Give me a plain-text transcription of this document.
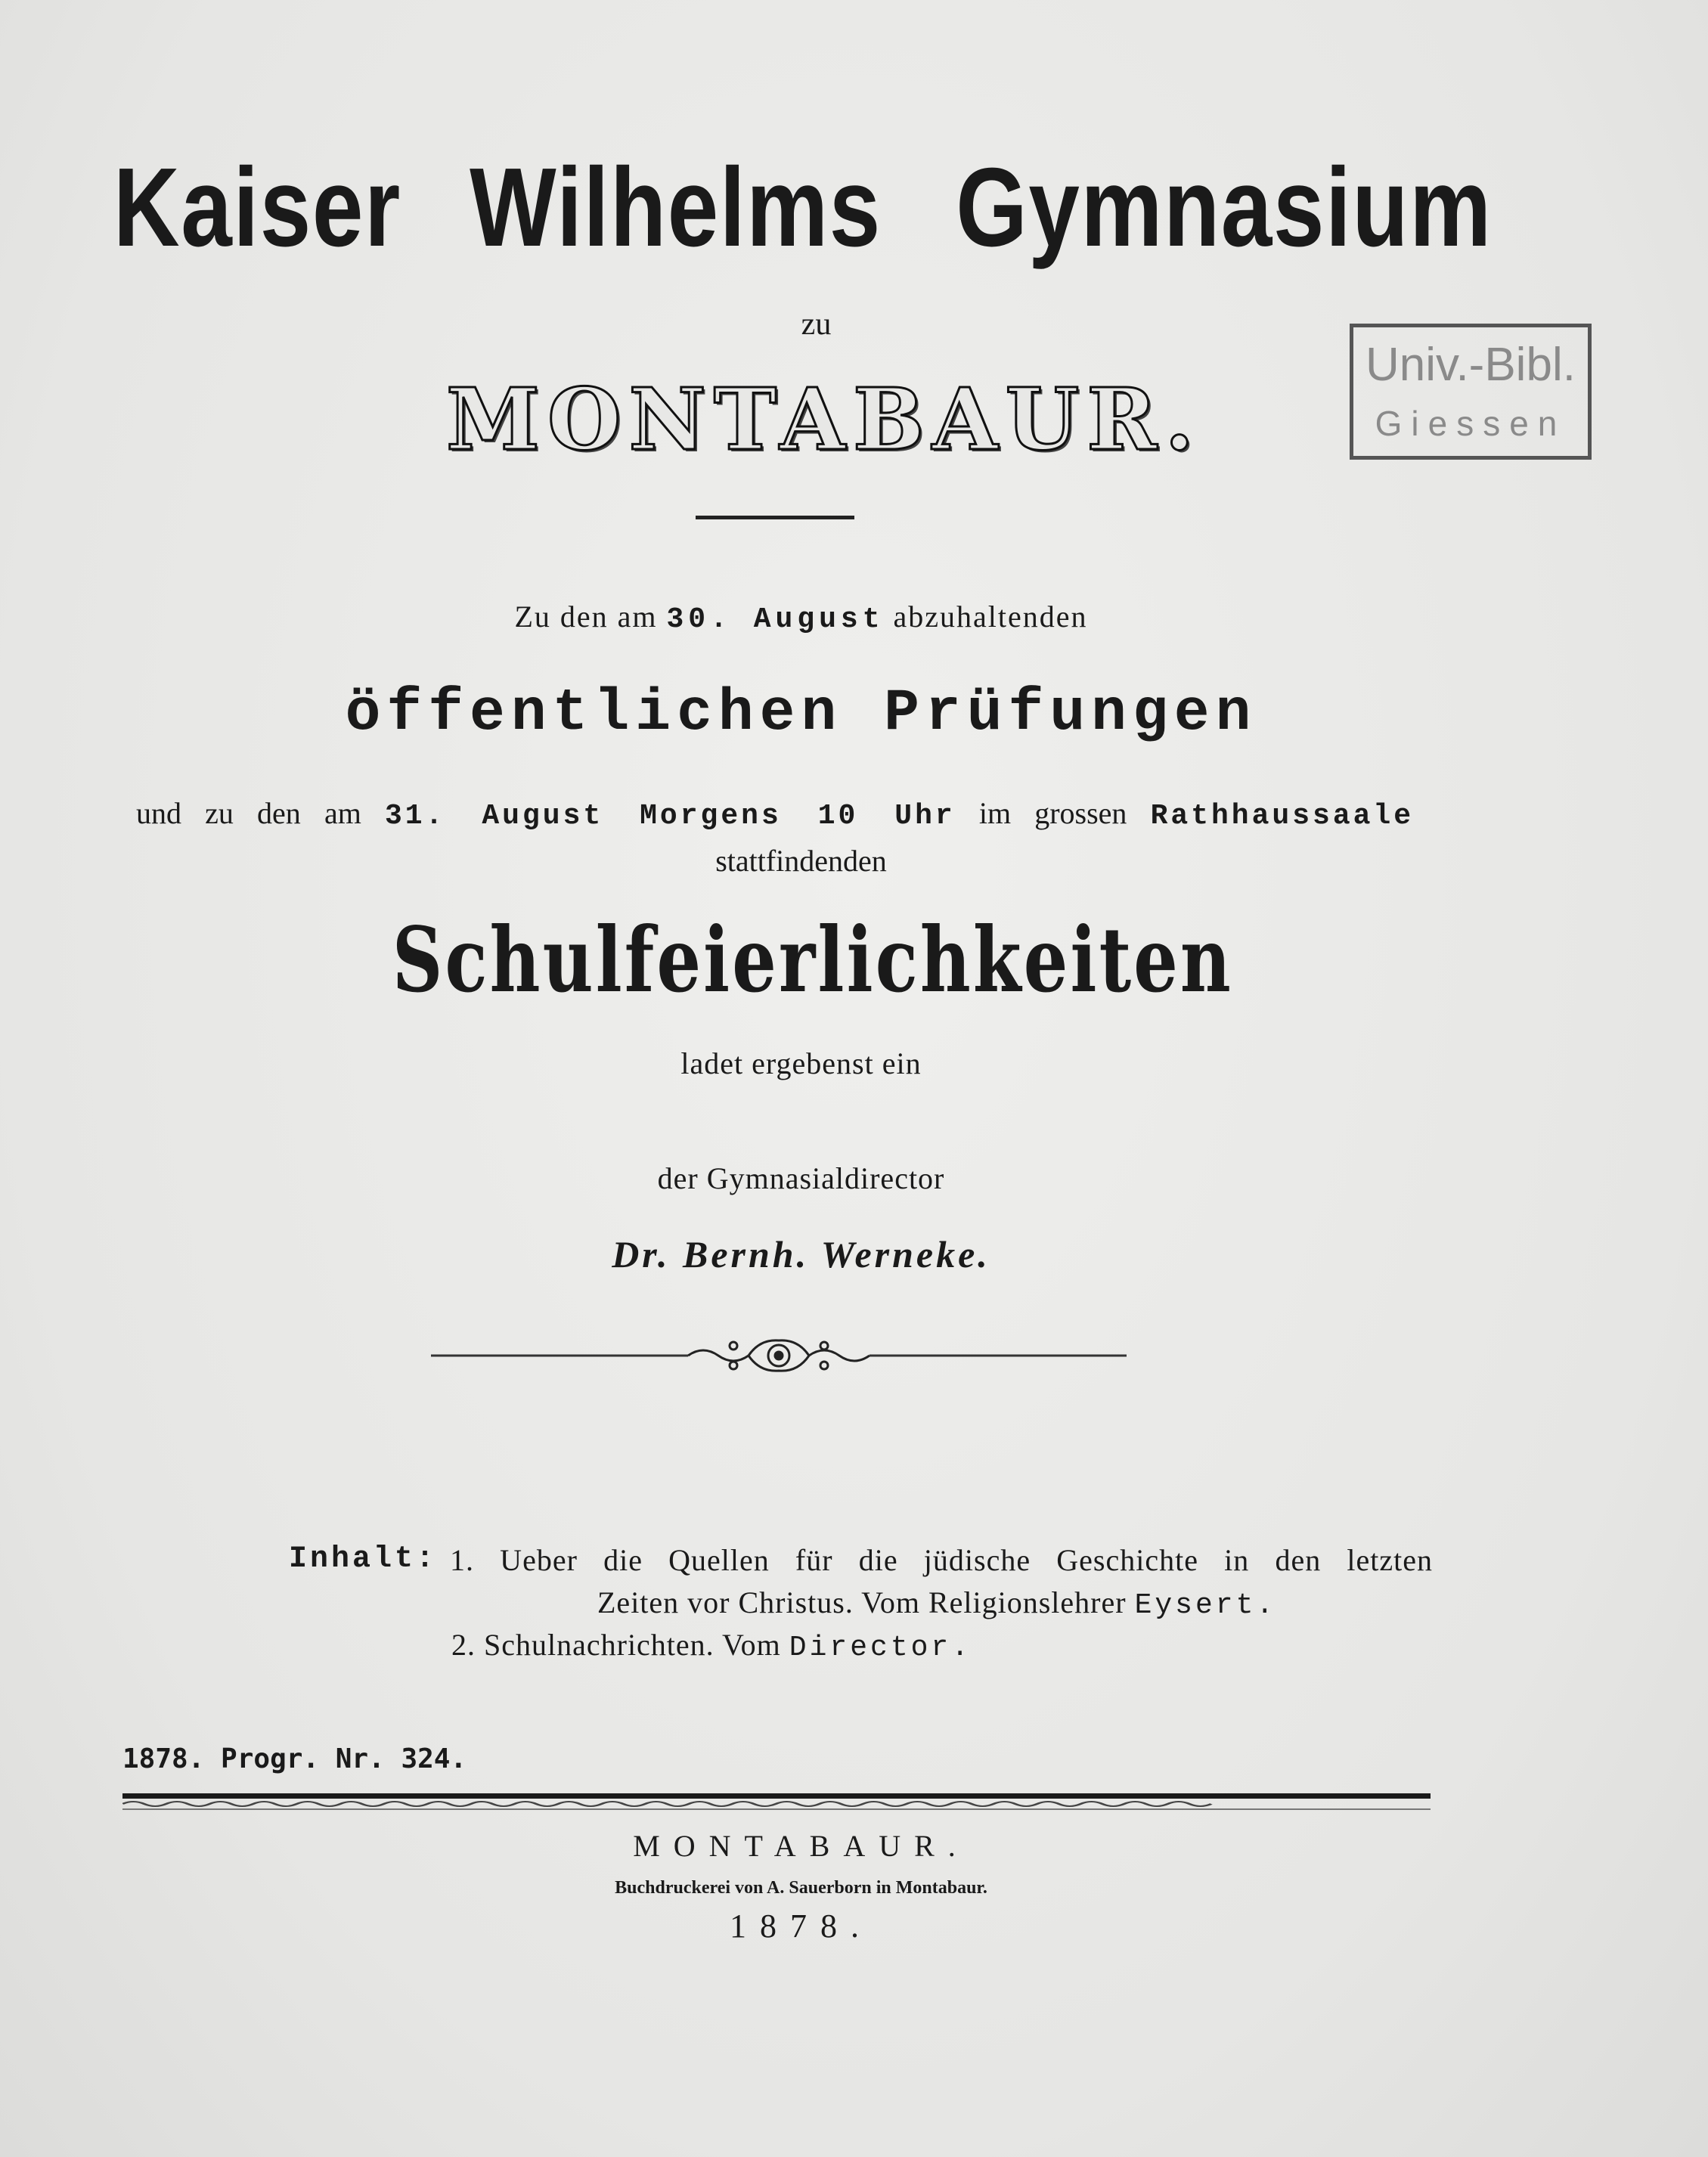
Kaiser Wilhelms Gymnasium
zu
MONTABAUR.
Univ.-Bibl.
Giessen
Zu den am 30. August abzuhaltenden
öffentlichen Prüfungen
und zu den am 31. August Morgens 10 Uhr im grossen Rathhaussaale
stattfindenden
Schulfeierlichkeiten
ladet ergebenst ein
der Gymnasialdirector
Dr. Bernh. Werneke.
Inhalt: 1. Ueber die Quellen für die jüdische Geschichte in den letzten
Zeiten vor Christus. Vom Religionslehrer Eysert.
2. Schulnachrichten. Vom Director.
1878. Progr. Nr. 324.
MONTABAUR.
Buchdruckerei von A. Sauerborn in Montabaur.
1878.
